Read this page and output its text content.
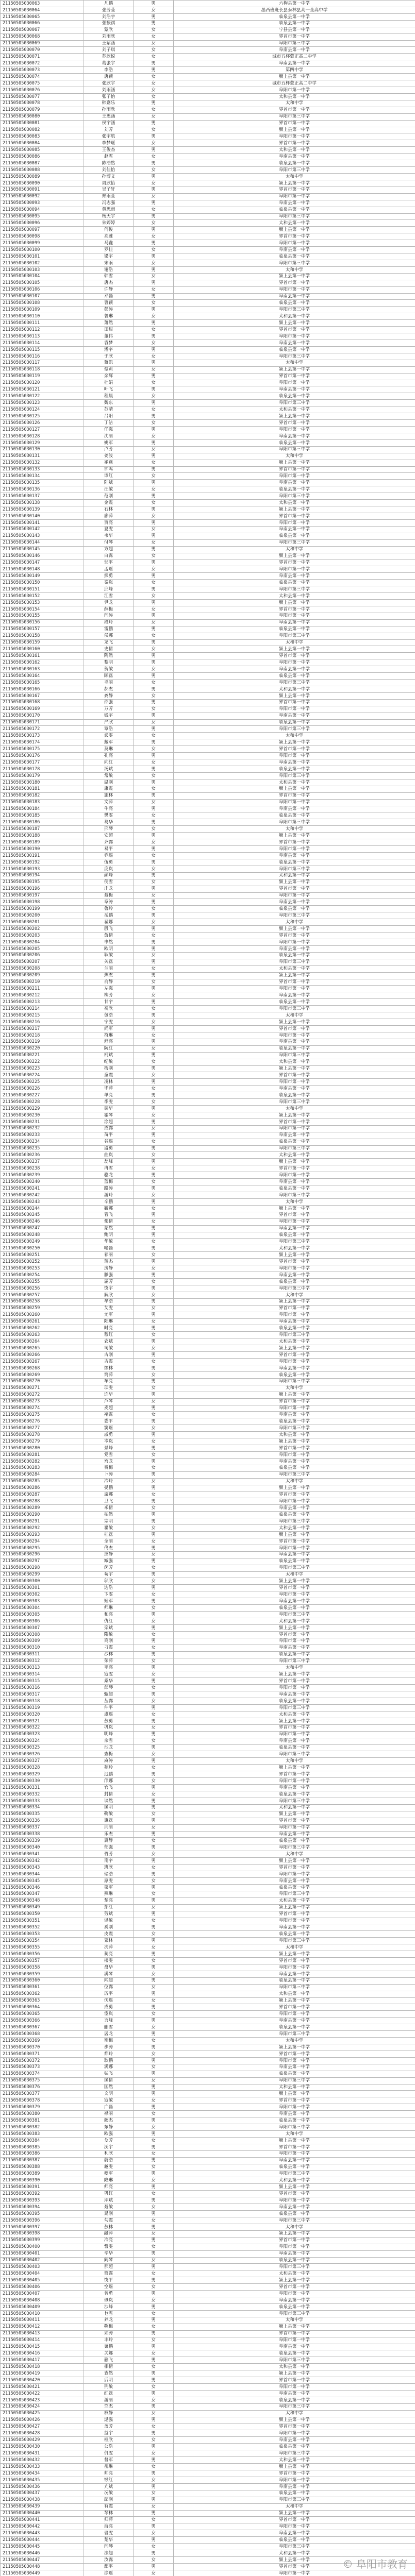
21150505030063	凡鹏	男	六枸县第一中学
21150505030064	张芳莹	女	墨西班班长县泰林县高一全高中学
21150505030065	刘浩宇	男	临泉县第一中学
21150505030066	张振祺	男	临泉县第一中学
21150505030067	蒙欣	女	宁县县第一中学
21150505030068	刘雨欣	女	界首市第一中学
21150505030069	王紫涵	女	阜阳市第三中学
21150505030070	刘子琪	女	阜南县第一中学
21150505030071	苏欣悦	女	城市五杯蒙正高二中学
21150505030072	葛张宇	男	阜南县第一中学
21150505030073	李浩	男	第四中学
21150505030074	唐颖	女	颍上县第一中学
21150505030075	张欣宇	女	城市五杯蒙正高二中学
21150505030076	刘雨涵	女	阜阳市第一中学
21150505030077	张子怡	女	太和县第一中学
21150505030078	韩嘉乐	男	太和中学
21150505030079	孙雨欣	女	界首市第一中学
21150505030080	王思涵	女	阜阳市第三中学
21150505030081	侯宇涵	男	界首市第一中学
21150505030082	刘芳	女	颍上县第一中学
21150505030083	张宇航	男	阜阳市第一中学
21150505030084	李梦瑶	女	界首市第一中学
21150505030085	王俊杰	男	太和县第一中学
21150505030086	赵雪	女	阜南县第一中学
21150505030087	陈浩然	男	临泉县第一中学
21150505030088	刘佳怡	女	阜阳市第三中学
21150505030089	孙博文	男	太和中学
21150505030090	周欣怡	女	颍上县第一中学
21150505030091	吴子轩	男	界首市第一中学
21150505030092	郑雨萱	女	阜阳市第一中学
21150505030093	冯志强	男	阜南县第一中学
21150505030094	黄思雨	女	临泉县第一中学
21150505030095	杨天宇	男	阜阳市第三中学
21150505030096	朱婷婷	女	太和县第一中学
21150505030097	何俊	男	颍上县第一中学
21150505030098	高雅	女	界首市第一中学
21150505030099	马鑫	男	阜阳市第一中学
21150505030100	罗佳	女	阜南县第一中学
21150505030101	梁宇	男	临泉县第一中学
21150505030102	宋雨	女	阜阳市第三中学
21150505030103	谢浩	男	太和中学
21150505030104	韩雪	女	颍上县第一中学
21150505030105	唐杰	男	界首市第一中学
21150505030106	许静	女	阜阳市第一中学
21150505030107	邓磊	男	阜南县第一中学
21150505030108	曹颖	女	临泉县第一中学
21150505030109	彭涛	男	阜阳市第三中学
21150505030110	曾琳	女	太和县第一中学
21150505030111	萧然	男	颍上县第一中学
21150505030112	田甜	女	界首市第一中学
21150505030113	董伟	男	阜阳市第一中学
21150505030114	袁梦	女	阜南县第一中学
21150505030115	潘宇	男	临泉县第一中学
21150505030116	于欣	女	阜阳市第三中学
21150505030117	蒋凯	男	太和中学
21150505030118	蔡莉	女	颍上县第一中学
21150505030119	余辉	男	界首市第一中学
21150505030120	杜娟	女	阜阳市第一中学
21150505030121	叶飞	男	阜南县第一中学
21150505030122	程晨	女	临泉县第一中学
21150505030123	魏东	男	阜阳市第三中学
21150505030124	苏晴	女	太和县第一中学
21150505030125	吕阳	男	颍上县第一中学
21150505030126	丁洁	女	界首市第一中学
21150505030127	任强	男	阜阳市第一中学
21150505030128	沈丽	女	阜南县第一中学
21150505030129	姚军	男	临泉县第一中学
21150505030130	卢芳	女	阜阳市第三中学
21150505030131	姜波	男	太和中学
21150505030132	崔燕	女	颍上县第一中学
21150505030133	钟鸣	男	界首市第一中学
21150505030134	谭红	女	阜阳市第一中学
21150505030135	陆斌	男	阜南县第一中学
21150505030136	汪敏	女	临泉县第一中学
21150505030137	范刚	男	阜阳市第三中学
21150505030138	金霞	女	太和县第一中学
21150505030139	石林	男	颍上县第一中学
21150505030140	廖萍	女	界首市第一中学
21150505030141	贾亮	男	阜阳市第一中学
21150505030142	夏雯	女	阜南县第一中学
21150505030143	韦华	男	临泉县第一中学
21150505030144	付琴	女	阜阳市第三中学
21150505030145	方超	男	太和中学
21150505030146	白露	女	颍上县第一中学
21150505030147	邹平	男	界首市第一中学
21150505030148	孟瑶	女	阜阳市第一中学
21150505030149	熊勇	男	阜南县第一中学
21150505030150	秦岚	女	临泉县第一中学
21150505030151	邱峰	男	阜阳市第三中学
21150505030152	江雪	女	太和县第一中学
21150505030153	尹龙	男	颍上县第一中学
21150505030154	薛梅	女	界首市第一中学
21150505030155	闫涛	男	阜阳市第一中学
21150505030156	段玲	女	阜南县第一中学
21150505030157	雷鹏	男	临泉县第一中学
21150505030158	侯娜	女	阜阳市第三中学
21150505030159	龙飞	男	太和中学
21150505030160	史倩	女	颍上县第一中学
21150505030161	陶然	男	界首市第一中学
21150505030162	黎明	男	阜阳市第一中学
21150505030163	贺敏	女	阜南县第一中学
21150505030164	顾磊	男	临泉县第一中学
21150505030165	毛丽	女	阜阳市第三中学
21150505030166	郝杰	男	太和县第一中学
21150505030167	龚静	女	颍上县第一中学
21150505030168	邵强	男	界首市第一中学
21150505030169	万芳	女	阜阳市第一中学
21150505030170	钱宇	男	阜南县第一中学
21150505030171	严欣	女	临泉县第一中学
21150505030172	覃浩	男	阜阳市第三中学
21150505030173	武雯	女	太和中学
21150505030174	戴军	男	颍上县第一中学
21150505030175	莫琳	女	界首市第一中学
21150505030176	孔亮	男	阜阳市第一中学
21150505030177	向红	女	阜南县第一中学
21150505030178	汤斌	男	临泉县第一中学
21150505030179	常敏	女	阜阳市第三中学
21150505030180	温刚	男	太和县第一中学
21150505030181	康霞	女	颍上县第一中学
21150505030182	施林	男	界首市第一中学
21150505030183	文萍	女	阜阳市第一中学
21150505030184	牛亮	男	阜南县第一中学
21150505030185	樊雯	女	临泉县第一中学
21150505030186	葛华	男	阜阳市第三中学
21150505030187	邢琴	女	太和中学
21150505030188	安超	男	颍上县第一中学
21150505030189	齐露	女	界首市第一中学
21150505030190	易平	男	阜阳市第一中学
21150505030191	乔瑶	女	阜南县第一中学
21150505030192	伍勇	男	临泉县第一中学
21150505030193	庞岚	女	阜阳市第三中学
21150505030194	颜峰	男	太和县第一中学
21150505030195	倪雪	女	颍上县第一中学
21150505030196	庄龙	男	界首市第一中学
21150505030197	聂梅	女	阜阳市第一中学
21150505030198	章涛	男	阜南县第一中学
21150505030199	鲁玲	女	临泉县第一中学
21150505030200	岳鹏	男	阜阳市第三中学
21150505030201	翟娜	女	太和中学
21150505030202	殷飞	男	颍上县第一中学
21150505030203	詹倩	女	界首市第一中学
21150505030204	申然	男	阜阳市第一中学
21150505030205	欧明	男	阜南县第一中学
21150505030206	耿敏	女	临泉县第一中学
21150505030207	关磊	男	阜阳市第三中学
21150505030208	兰丽	女	太和县第一中学
21150505030209	焦杰	男	颍上县第一中学
21150505030210	俞静	女	界首市第一中学
21150505030211	左强	男	阜阳市第一中学
21150505030212	柳芳	女	阜南县第一中学
21150505030213	甘宇	男	临泉县第一中学
21150505030214	祝欣	女	阜阳市第三中学
21150505030215	包浩	男	太和中学
21150505030216	宁雯	女	颍上县第一中学
21150505030217	尚军	男	界首市第一中学
21150505030218	符琳	女	阜阳市第一中学
21150505030219	舒亮	男	阜南县第一中学
21150505030220	阮红	女	临泉县第一中学
21150505030221	柯斌	男	阜阳市第三中学
21150505030222	纪敏	女	太和县第一中学
21150505030223	梅刚	男	颍上县第一中学
21150505030224	童霞	女	界首市第一中学
21150505030225	凌林	男	阜阳市第一中学
21150505030226	毕萍	女	阜南县第一中学
21150505030227	单亮	男	临泉县第一中学
21150505030228	季雯	女	阜阳市第三中学
21150505030229	裴华	男	太和中学
21150505030230	霍琴	女	颍上县第一中学
21150505030231	涂超	男	界首市第一中学
21150505030232	成露	女	阜阳市第一中学
21150505030233	苗平	男	阜南县第一中学
21150505030234	谷瑶	女	临泉县第一中学
21150505030235	盛勇	男	阜阳市第三中学
21150505030236	曲岚	女	太和县第一中学
21150505030237	翁峰	男	颍上县第一中学
21150505030238	冉雪	女	界首市第一中学
21150505030239	骆龙	男	阜阳市第一中学
21150505030240	蓝梅	女	阜南县第一中学
21150505030241	路涛	男	临泉县第一中学
21150505030242	游玲	女	阜阳市第三中学
21150505030243	辛鹏	男	太和中学
21150505030244	靳娜	女	颍上县第一中学
21150505030245	管飞	男	界首市第一中学
21150505030246	柴倩	女	阜阳市第一中学
21150505030247	蒙然	男	阜南县第一中学
21150505030248	鲍明	男	临泉县第一中学
21150505030249	华敏	女	阜阳市第三中学
21150505030250	喻磊	男	太和县第一中学
21150505030251	祁丽	女	颍上县第一中学
21150505030252	蒲杰	男	界首市第一中学
21150505030253	房静	女	阜阳市第一中学
21150505030254	滕强	男	阜南县第一中学
21150505030255	屈芳	女	临泉县第一中学
21150505030256	饶宇	男	阜阳市第三中学
21150505030257	解欣	女	太和中学
21150505030258	牟浩	男	颍上县第一中学
21150505030259	艾雯	女	界首市第一中学
21150505030260	尤军	男	阜阳市第一中学
21150505030261	阳琳	女	阜南县第一中学
21150505030262	时亮	男	临泉县第一中学
21150505030263	穆红	女	阜阳市第三中学
21150505030264	农斌	男	太和县第一中学
21150505030265	司敏	女	颍上县第一中学
21150505030266	古刚	男	界首市第一中学
21150505030267	吉霞	女	阜阳市第一中学
21150505030268	缪林	男	阜南县第一中学
21150505030269	简萍	女	临泉县第一中学
21150505030270	车亮	男	阜阳市第三中学
21150505030271	项雯	女	太和中学
21150505030272	连华	男	颍上县第一中学
21150505030273	芦琴	女	界首市第一中学
21150505030274	麦超	男	阜阳市第一中学
21150505030275	褚露	女	阜南县第一中学
21150505030276	娄平	男	临泉县第一中学
21150505030277	窦瑶	女	阜阳市第三中学
21150505030278	戚勇	男	太和县第一中学
21150505030279	岑岚	女	颍上县第一中学
21150505030280	景峰	男	界首市第一中学
21150505030281	党雪	女	阜阳市第一中学
21150505030282	宫龙	男	阜南县第一中学
21150505030283	费梅	女	临泉县第一中学
21150505030284	卜涛	男	阜阳市第三中学
21150505030285	冷玲	女	太和中学
21150505030286	晏鹏	男	颍上县第一中学
21150505030287	席娜	女	界首市第一中学
21150505030288	卫飞	男	阜阳市第一中学
21150505030289	米倩	女	阜南县第一中学
21150505030290	柏然	男	临泉县第一中学
21150505030291	宗明	男	阜阳市第三中学
21150505030292	瞿敏	女	太和县第一中学
21150505030293	桂磊	男	颍上县第一中学
21150505030294	全丽	女	界首市第一中学
21150505030295	佟杰	男	阜阳市第一中学
21150505030296	应静	女	阜南县第一中学
21150505030297	臧强	男	临泉县第一中学
21150505030298	闵芳	女	阜阳市第三中学
21150505030299	苟宇	男	太和中学
21150505030300	邬欣	女	颍上县第一中学
21150505030301	边浩	男	界首市第一中学
21150505030302	卞雯	女	阜阳市第一中学
21150505030303	姬军	男	阜南县第一中学
21150505030304	师琳	女	临泉县第一中学
21150505030305	和亮	男	阜阳市第三中学
21150505030306	仇红	女	太和县第一中学
21150505030307	栾斌	男	颍上县第一中学
21150505030308	隋敏	女	界首市第一中学
21150505030309	商刚	男	阜阳市第一中学
21150505030310	刁霞	女	阜南县第一中学
21150505030311	沙林	男	临泉县第一中学
21150505030312	荣萍	女	阜阳市第三中学
21150505030313	巫亮	男	太和中学
21150505030314	寇雯	女	颍上县第一中学
21150505030315	桑华	男	界首市第一中学
21150505030316	郎琴	女	阜阳市第一中学
21150505030317	甄超	男	阜南县第一中学
21150505030318	丛露	女	临泉县第一中学
21150505030319	仲平	男	阜阳市第三中学
21150505030320	虞瑶	女	太和县第一中学
21150505030321	敖勇	男	颍上县第一中学
21150505030322	巩岚	女	界首市第一中学
21150505030323	明峰	男	阜阳市第一中学
21150505030324	佘雪	女	阜南县第一中学
21150505030325	池龙	男	临泉县第一中学
21150505030326	查梅	女	阜阳市第三中学
21150505030327	麻涛	男	太和中学
21150505030328	苑玲	女	颍上县第一中学
21150505030329	迟鹏	男	界首市第一中学
21150505030330	邝娜	女	阜阳市第一中学
21150505030331	官飞	男	阜南县第一中学
21150505030332	封倩	女	临泉县第一中学
21150505030333	谈然	男	阜阳市第三中学
21150505030334	匡明	男	太和县第一中学
21150505030335	鞠敏	女	颍上县第一中学
21150505030336	惠磊	男	界首市第一中学
21150505030337	荆丽	女	阜阳市第一中学
21150505030338	乐杰	男	阜南县第一中学
21150505030339	冀静	女	临泉县第一中学
21150505030340	郁强	男	阜阳市第三中学
21150505030341	胥芳	女	太和中学
21150505030342	南宇	男	颍上县第一中学
21150505030343	班欣	女	界首市第一中学
21150505030344	储浩	男	阜阳市第一中学
21150505030345	原雯	女	阜南县第一中学
21150505030346	栗军	男	临泉县第一中学
21150505030347	燕琳	女	阜阳市第三中学
21150505030348	楚亮	男	太和县第一中学
21150505030349	鄢红	女	颍上县第一中学
21150505030350	劳斌	男	界首市第一中学
21150505030351	谌敏	女	阜阳市第一中学
21150505030352	奚刚	男	阜南县第一中学
21150505030353	皮霞	女	临泉县第一中学
21150505030354	粟林	男	阜阳市第三中学
21150505030355	冼萍	女	太和中学
21150505030356	蔺亮	男	颍上县第一中学
21150505030357	楼雯	女	界首市第一中学
21150505030358	盘华	男	阜阳市第一中学
21150505030359	满琴	女	阜南县第一中学
21150505030360	闻超	男	临泉县第一中学
21150505030361	位露	女	阜阳市第三中学
21150505030362	厉平	男	太和县第一中学
21150505030363	伏瑶	女	颍上县第一中学
21150505030364	成勇	男	界首市第一中学
21150505030365	宦岚	女	阜阳市第一中学
21150505030366	言峰	男	阜南县第一中学
21150505030367	郦雪	女	临泉县第一中学
21150505030368	居龙	男	阜阳市第三中学
21150505030369	衡梅	女	太和中学
21150505030370	步涛	男	颍上县第一中学
21150505030371	都玲	女	界首市第一中学
21150505030372	耿鹏	男	阜阳市第一中学
21150505030373	满娜	女	阜南县第一中学
21150505030374	弘飞	男	临泉县第一中学
21150505030375	匡倩	女	阜阳市第三中学
21150505030376	国然	男	太和县第一中学
21150505030377	文明	男	颍上县第一中学
21150505030378	寇敏	女	界首市第一中学
21150505030379	广磊	男	阜阳市第一中学
21150505030380	禄丽	女	阜南县第一中学
21150505030381	阙杰	男	临泉县第一中学
21150505030382	东静	女	阜阳市第三中学
21150505030383	欧强	男	太和中学
21150505030384	殳芳	女	颍上县第一中学
21150505030385	沃宇	男	界首市第一中学
21150505030386	利欣	女	阜阳市第一中学
21150505030387	蔚浩	男	阜南县第一中学
21150505030388	越雯	女	临泉县第一中学
21150505030389	夔军	男	阜阳市第三中学
21150505030390	隆琳	女	太和县第一中学
21150505030391	师亮	男	颍上县第一中学
21150505030392	巩红	女	界首市第一中学
21150505030393	厍斌	男	阜阳市第一中学
21150505030394	聂敏	女	阜南县第一中学
21150505030395	晁刚	男	临泉县第一中学
21150505030396	勾霞	女	阜阳市第三中学
21150505030397	敖林	男	太和中学
21150505030398	融萍	女	颍上县第一中学
21150505030399	冷亮	男	界首市第一中学
21150505030400	訾雯	女	阜阳市第一中学
21150505030401	辛华	男	阜南县第一中学
21150505030402	阚琴	女	临泉县第一中学
21150505030403	那超	男	阜阳市第三中学
21150505030404	简露	女	太和县第一中学
21150505030405	饶平	男	颍上县第一中学
21150505030406	空瑶	女	界首市第一中学
21150505030407	曾勇	男	阜阳市第一中学
21150505030408	毋岚	女	阜南县第一中学
21150505030409	沙峰	男	临泉县第一中学
21150505030410	乜雪	女	阜阳市第三中学
21150505030411	养龙	男	太和中学
21150505030412	鞠梅	女	颍上县第一中学
21150505030413	须涛	男	界首市第一中学
21150505030414	丰玲	女	阜阳市第一中学
21150505030415	巢鹏	男	阜南县第一中学
21150505030416	关娜	女	临泉县第一中学
21150505030417	蒯飞	男	阜阳市第三中学
21150505030418	相倩	女	太和县第一中学
21150505030419	查然	男	颍上县第一中学
21150505030420	后明	男	界首市第一中学
21150505030421	荆敏	女	阜阳市第一中学
21150505030422	红磊	男	阜南县第一中学
21150505030423	游丽	女	临泉县第一中学
21150505030424	竺杰	男	阜阳市第三中学
21150505030425	权静	女	太和中学
21150505030426	逯强	男	颍上县第一中学
21150505030427	盖芳	女	界首市第一中学
21150505030428	益宇	男	阜阳市第一中学
21150505030429	桓欣	女	阜南县第一中学
21150505030430	公浩	男	临泉县第一中学
21150505030431	仉雯	女	阜阳市第三中学
21150505030432	督军	男	太和县第一中学
21150505030433	岳琳	女	颍上县第一中学
21150505030434	帅亮	男	界首市第一中学
21150505030435	缑红	女	阜阳市第一中学
21150505030436	亢斌	男	阜南县第一中学
21150505030437	况敏	女	临泉县第一中学
21150505030438	郈刚	男	阜阳市第三中学
21150505030439	有霞	女	太和中学
21150505030440	琴林	男	颍上县第一中学
21150505030441	归萍	女	界首市第一中学
21150505030442	海亮	男	阜阳市第一中学
21150505030443	晋雯	女	阜南县第一中学
21150505030444	楚华	男	临泉县第一中学
21150505030445	闫琴	女	阜阳市第三中学
21150505030446	法超	男	太和县第一中学
21150505030447	汝露	女	颍上县第一中学
21150505030448	鄢平	男	界首市第一中学
21150505030449	涂瑶	女	阜阳市第一中学

© 阜阳市教育
